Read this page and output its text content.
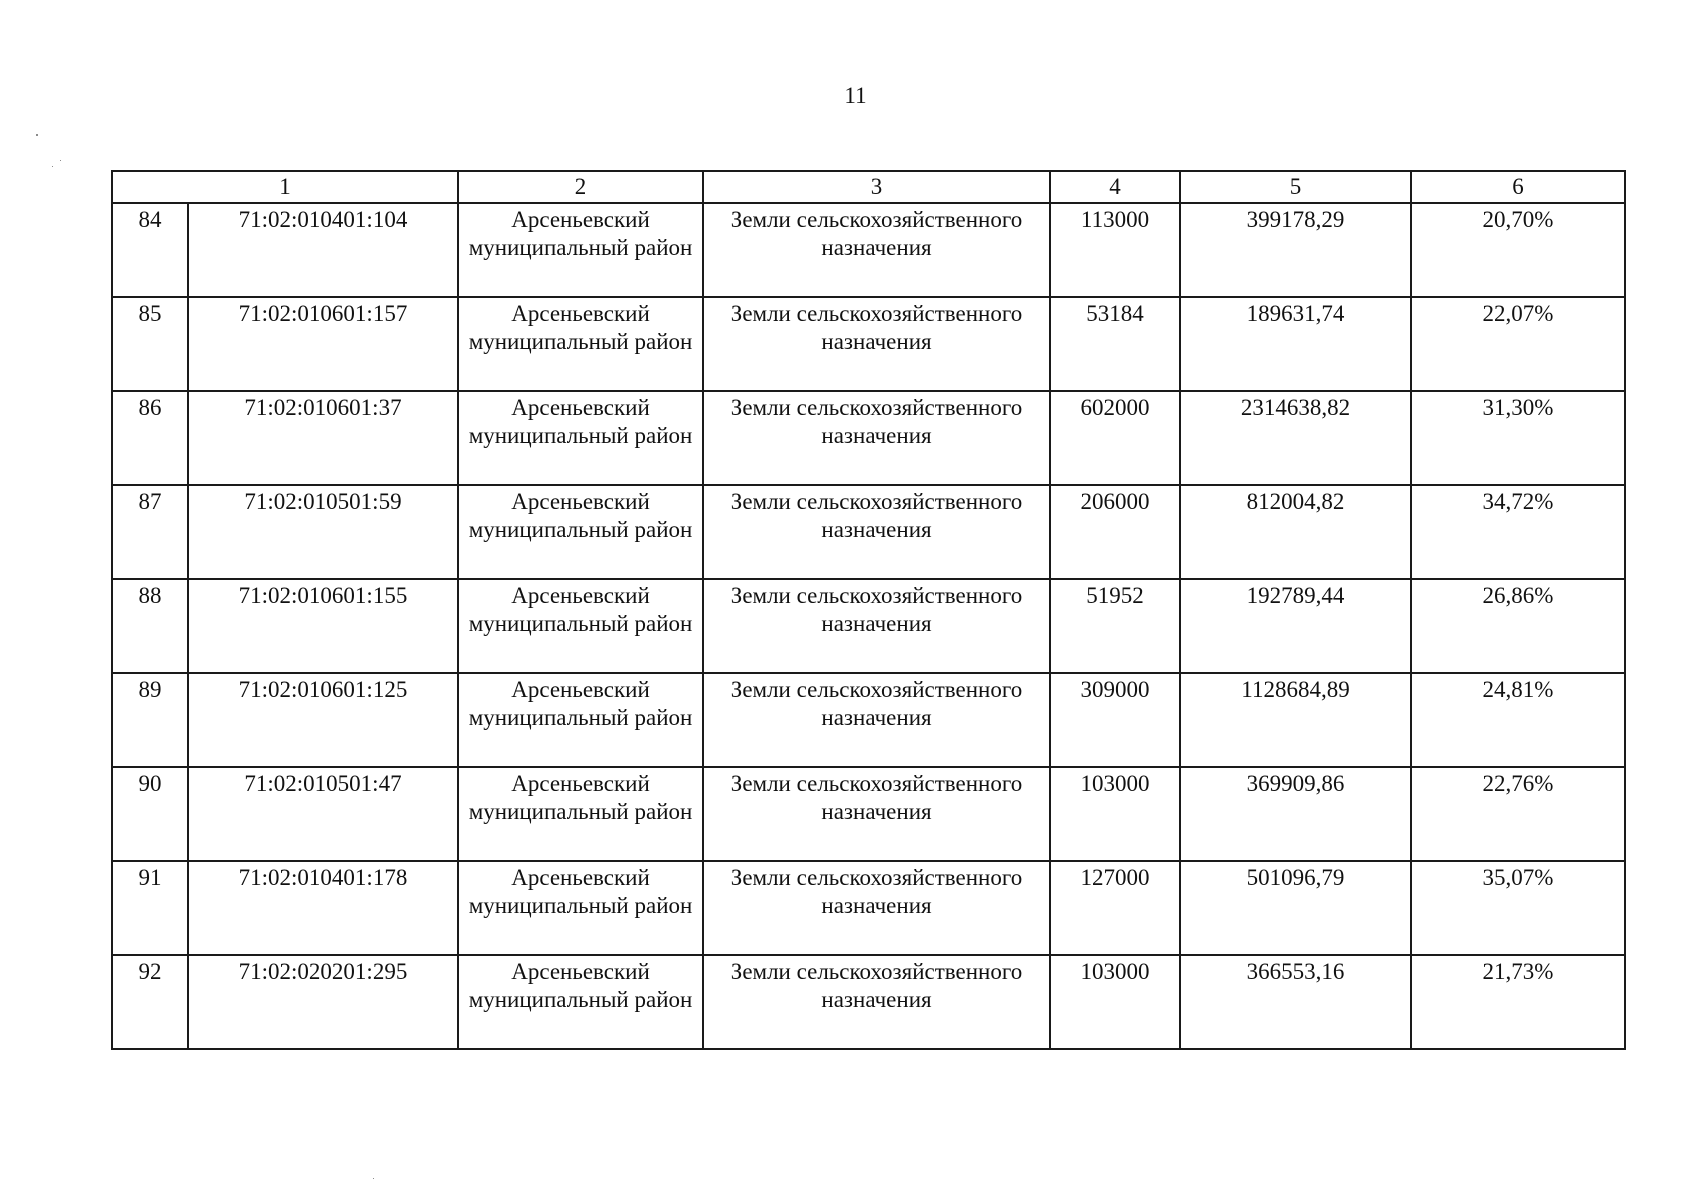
11
1		2	3	4	5	6
84	71:02:010401:104	Арсеньевский муниципальный район	Земли сельскохозяйственного назначения	113000	399178,29	20,70%
85	71:02:010601:157	Арсеньевский муниципальный район	Земли сельскохозяйственного назначения	53184	189631,74	22,07%
86	71:02:010601:37	Арсеньевский муниципальный район	Земли сельскохозяйственного назначения	602000	2314638,82	31,30%
87	71:02:010501:59	Арсеньевский муниципальный район	Земли сельскохозяйственного назначения	206000	812004,82	34,72%
88	71:02:010601:155	Арсеньевский муниципальный район	Земли сельскохозяйственного назначения	51952	192789,44	26,86%
89	71:02:010601:125	Арсеньевский муниципальный район	Земли сельскохозяйственного назначения	309000	1128684,89	24,81%
90	71:02:010501:47	Арсеньевский муниципальный район	Земли сельскохозяйственного назначения	103000	369909,86	22,76%
91	71:02:010401:178	Арсеньевский муниципальный район	Земли сельскохозяйственного назначения	127000	501096,79	35,07%
92	71:02:020201:295	Арсеньевский муниципальный район	Земли сельскохозяйственного назначения	103000	366553,16	21,73%
